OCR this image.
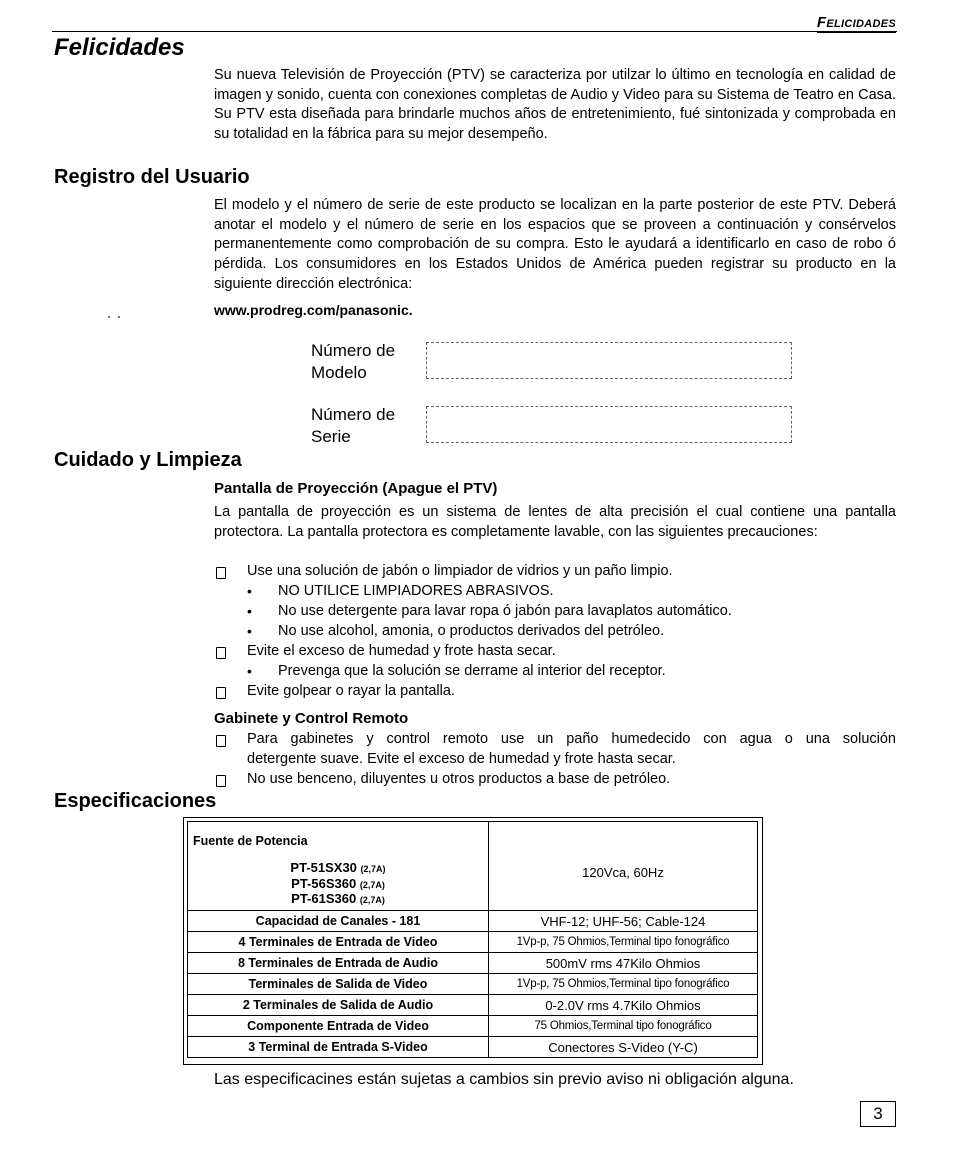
Felicidades
Felicidades
Su nueva Televisión de Proyección (PTV) se caracteriza por utilzar lo último en tecnología en calidad de imagen y sonido, cuenta con conexiones completas de Audio y Video para su Sistema de Teatro en Casa. Su PTV esta diseñada para brindarle muchos años de entretenimiento, fué sintonizada y comprobada en su totalidad en la fábrica para su mejor desempeño.
Registro del Usuario
El modelo y el número de serie de este producto se localizan en la parte posterior de este PTV. Deberá anotar el modelo y el número de serie en los espacios que se proveen a continuación y consérvelos permanentemente como comprobación de su compra. Esto le ayudará a identificarlo en caso de robo ó pérdida. Los consumidores en los Estados Unidos de América pueden registrar su producto en la siguiente dirección electrónica:
www.prodreg.com/panasonic.
Número de
Modelo
Número de
Serie
Cuidado y Limpieza
Pantalla de Proyección (Apague el PTV)
La pantalla de proyección es un sistema de lentes de alta precisión el cual contiene una pantalla protectora. La pantalla protectora es completamente lavable, con las siguientes precauciones:
Use una solución de jabón o limpiador de vidrios y un paño limpio.
• NO UTILICE LIMPIADORES ABRASIVOS.
• No use detergente para lavar ropa ó jabón para lavaplatos automático.
• No use alcohol, amonia, o productos derivados del petróleo.
Evite el exceso de humedad y frote hasta secar.
• Prevenga que la solución se derrame al interior del receptor.
Evite golpear o rayar la pantalla.
Gabinete y Control Remoto
Para gabinetes y control remoto use un paño humedecido con agua o una solución
detergente suave. Evite el exceso de humedad y frote hasta secar.
No use benceno, diluyentes u otros productos a base de petróleo.
Especificaciones
Fuente de Potencia
PT-51SX30 (2,7A)
PT-56S360 (2,7A)
PT-61S360 (2,7A)	120Vca, 60Hz
Capacidad de Canales - 181	VHF-12; UHF-56; Cable-124
4 Terminales de Entrada de Video	1Vp-p, 75 Ohmios,Terminal tipo fonográfico
8 Terminales de Entrada de Audio	500mV rms 47Kilo Ohmios
Terminales de Salida de Video	1Vp-p, 75 Ohmios,Terminal tipo fonográfico
2 Terminales de Salida de Audio	0-2.0V rms 4.7Kilo Ohmios
Componente Entrada de Video	75 Ohmios,Terminal tipo fonográfico
3 Terminal de Entrada S-Video	Conectores S-Video (Y-C)
Las especificacines están sujetas a cambios sin previo aviso ni obligación alguna.
3
